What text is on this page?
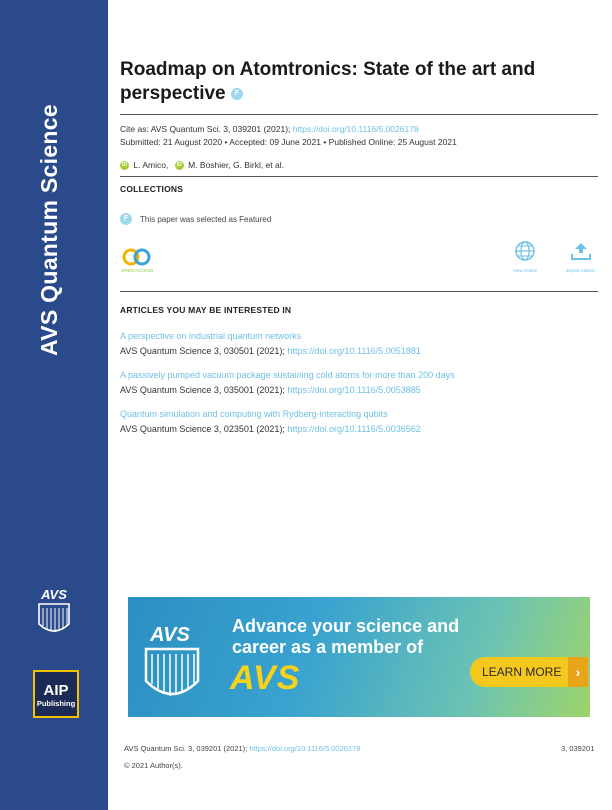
AVS Quantum Science
AVS
AIP
Publishing
Roadmap on Atomtronics: State of the art and perspective F
Cite as: AVS Quantum Sci. 3, 039201 (2021); https://doi.org/10.1116/5.0026178
Submitted: 21 August 2020 • Accepted: 09 June 2021 • Published Online: 25 August 2021
iD L. Amico, iD M. Boshier, G. Birkl, et al.
COLLECTIONS
F	This paper was selected as Featured
OPEN ACCESS	View Online	Export Citation
ARTICLES YOU MAY BE INTERESTED IN
A perspective on industrial quantum networks
AVS Quantum Science 3, 030501 (2021); https://doi.org/10.1116/5.0051881
A passively pumped vacuum package sustaining cold atoms for more than 200 days
AVS Quantum Science 3, 035001 (2021); https://doi.org/10.1116/5.0053885
Quantum simulation and computing with Rydberg-interacting qubits
AVS Quantum Science 3, 023501 (2021); https://doi.org/10.1116/5.0036562
AVS Advance your science and
career as a member of
AVS	LEARN MORE	›
AVS Quantum Sci. 3, 039201 (2021); https://doi.org/10.1116/5.0026178	3, 039201
© 2021 Author(s).
